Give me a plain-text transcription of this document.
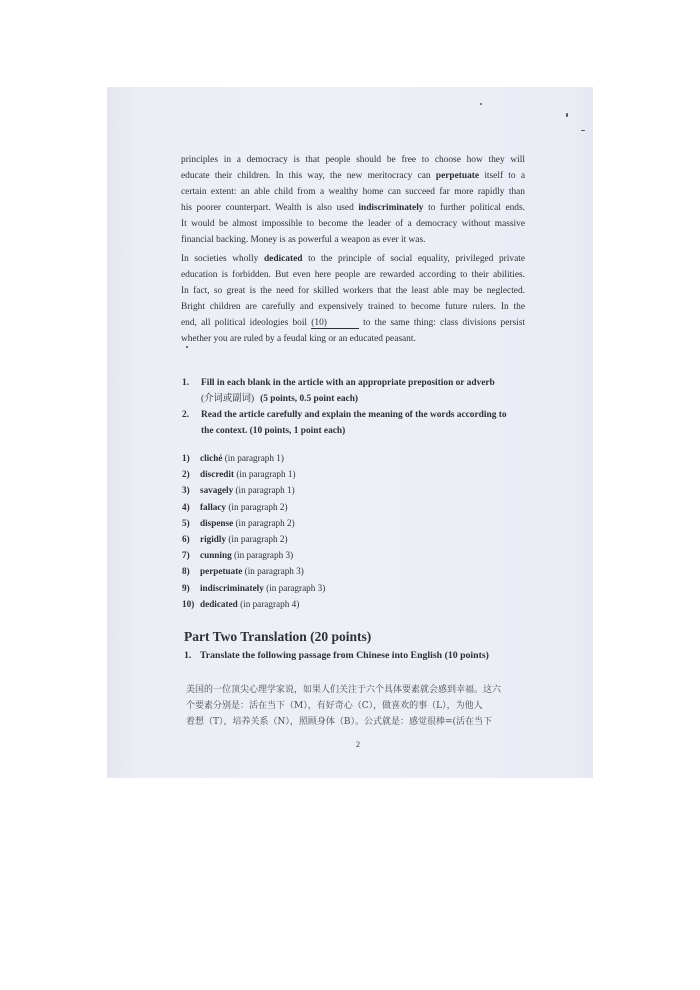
principles in a democracy is that people should be free to choose how they will
educate their children. In this way, the new meritocracy can perpetuate itself to a
certain extent: an able child from a wealthy home can succeed far more rapidly than
his poorer counterpart. Wealth is also used indiscriminately to further political ends.
It would be almost impossible to become the leader of a democracy without massive
financial backing. Money is as powerful a weapon as ever it was.
In societies wholly dedicated to the principle of social equality, privileged private
education is forbidden. But even here people are rewarded according to their abilities.
In fact, so great is the need for skilled workers that the least able may be neglected.
Bright children are carefully and expensively trained to become future rulers. In the
end, all political ideologies boil (10)	to the same thing: class divisions persist
whether you are ruled by a feudal king or an educated peasant.
1. Fill in each blank in the article with an appropriate preposition or adverb
(介词或副词) (5 points, 0.5 point each)
2. Read the article carefully and explain the meaning of the words according to
the context. (10 points, 1 point each)
1) cliché (in paragraph 1)
2) discredit (in paragraph 1)
3) savagely (in paragraph 1)
4) fallacy (in paragraph 2)
5) dispense (in paragraph 2)
6) rigidly (in paragraph 2)
7) cunning (in paragraph 3)
8) perpetuate (in paragraph 3)
9) indiscriminately (in paragraph 3)
10) dedicated (in paragraph 4)
Part Two Translation (20 points)
1. Translate the following passage from Chinese into English (10 points)
美国的一位顶尖心理学家说，如果人们关注于六个具体要素就会感到幸福。这六
个要素分别是：活在当下（M），有好奇心（C），做喜欢的事（L），为他人
着想（T），培养关系（N），照顾身体（B）。公式就是：感觉很棒=(活在当下
2
